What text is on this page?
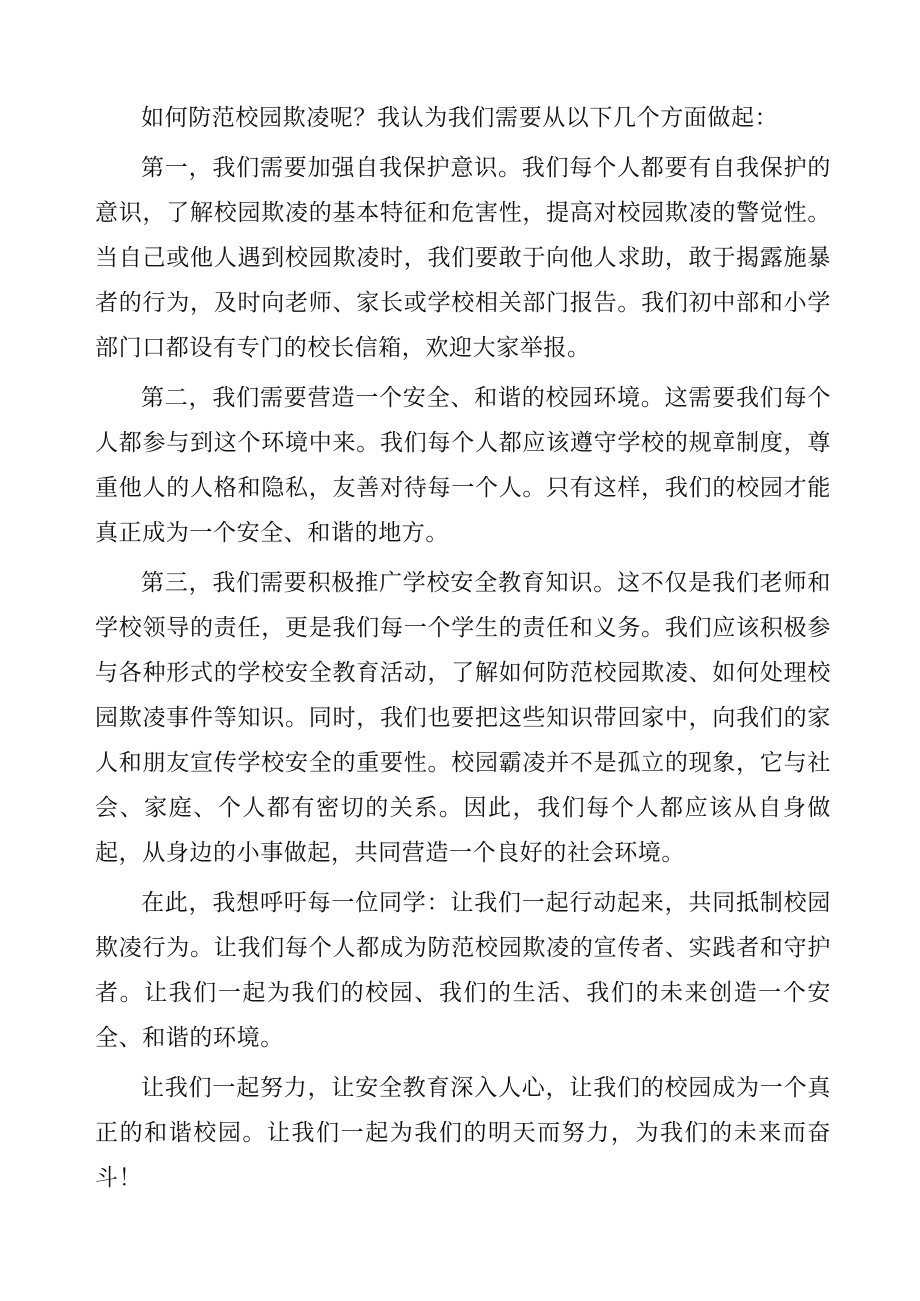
如何防范校园欺凌呢？我认为我们需要从以下几个方面做起：

第一，我们需要加强自我保护意识。我们每个人都要有自我保护的意识，了解校园欺凌的基本特征和危害性，提高对校园欺凌的警觉性。当自己或他人遇到校园欺凌时，我们要敢于向他人求助，敢于揭露施暴者的行为，及时向老师、家长或学校相关部门报告。我们初中部和小学部门口都设有专门的校长信箱，欢迎大家举报。

第二，我们需要营造一个安全、和谐的校园环境。这需要我们每个人都参与到这个环境中来。我们每个人都应该遵守学校的规章制度，尊重他人的人格和隐私，友善对待每一个人。只有这样，我们的校园才能真正成为一个安全、和谐的地方。

第三，我们需要积极推广学校安全教育知识。这不仅是我们老师和学校领导的责任，更是我们每一个学生的责任和义务。我们应该积极参与各种形式的学校安全教育活动，了解如何防范校园欺凌、如何处理校园欺凌事件等知识。同时，我们也要把这些知识带回家中，向我们的家人和朋友宣传学校安全的重要性。校园霸凌并不是孤立的现象，它与社会、家庭、个人都有密切的关系。因此，我们每个人都应该从自身做起，从身边的小事做起，共同营造一个良好的社会环境。

在此，我想呼吁每一位同学：让我们一起行动起来，共同抵制校园欺凌行为。让我们每个人都成为防范校园欺凌的宣传者、实践者和守护者。让我们一起为我们的校园、我们的生活、我们的未来创造一个安全、和谐的环境。

让我们一起努力，让安全教育深入人心，让我们的校园成为一个真正的和谐校园。让我们一起为我们的明天而努力，为我们的未来而奋斗！
